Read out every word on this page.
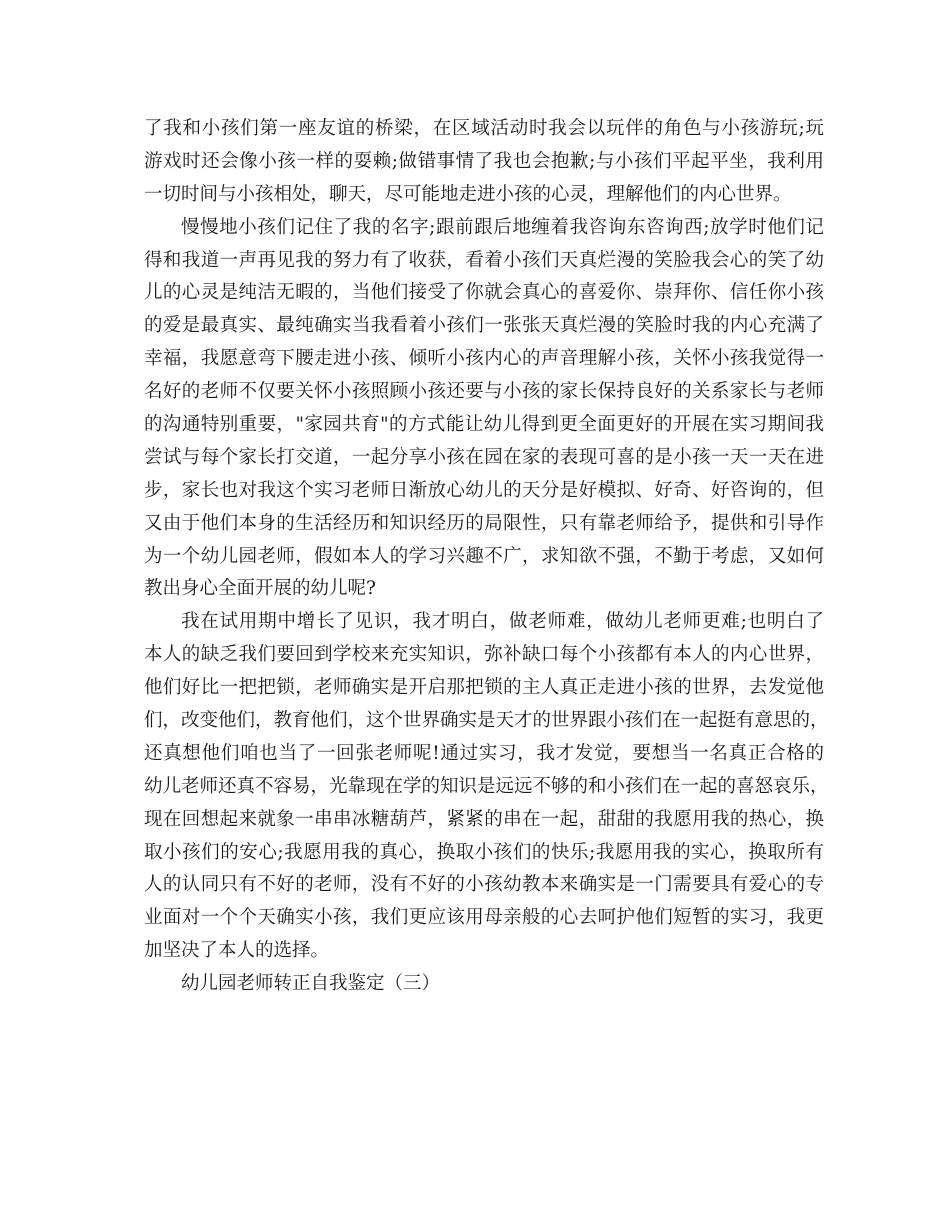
了我和小孩们第一座友谊的桥梁，在区域活动时我会以玩伴的角色与小孩游玩;玩
游戏时还会像小孩一样的耍赖;做错事情了我也会抱歉;与小孩们平起平坐，我利用
一切时间与小孩相处，聊天，尽可能地走进小孩的心灵，理解他们的内心世界。
慢慢地小孩们记住了我的名字;跟前跟后地缠着我咨询东咨询西;放学时他们记
得和我道一声再见我的努力有了收获，看着小孩们天真烂漫的笑脸我会心的笑了幼
儿的心灵是纯洁无暇的，当他们接受了你就会真心的喜爱你、崇拜你、信任你小孩
的爱是最真实、最纯确实当我看着小孩们一张张天真烂漫的笑脸时我的内心充满了
幸福，我愿意弯下腰走进小孩、倾听小孩内心的声音理解小孩，关怀小孩我觉得一
名好的老师不仅要关怀小孩照顾小孩还要与小孩的家长保持良好的关系家长与老师
的沟通特别重要，"家园共育"的方式能让幼儿得到更全面更好的开展在实习期间我
尝试与每个家长打交道，一起分享小孩在园在家的表现可喜的是小孩一天一天在进
步，家长也对我这个实习老师日渐放心幼儿的天分是好模拟、好奇、好咨询的，但
又由于他们本身的生活经历和知识经历的局限性，只有靠老师给予，提供和引导作
为一个幼儿园老师，假如本人的学习兴趣不广，求知欲不强，不勤于考虑，又如何
教出身心全面开展的幼儿呢?
我在试用期中增长了见识，我才明白，做老师难，做幼儿老师更难;也明白了
本人的缺乏我们要回到学校来充实知识，弥补缺口每个小孩都有本人的内心世界，
他们好比一把把锁，老师确实是开启那把锁的主人真正走进小孩的世界，去发觉他
们，改变他们，教育他们，这个世界确实是天才的世界跟小孩们在一起挺有意思的，
还真想他们咱也当了一回张老师呢!通过实习，我才发觉，要想当一名真正合格的
幼儿老师还真不容易，光靠现在学的知识是远远不够的和小孩们在一起的喜怒哀乐，
现在回想起来就象一串串冰糖葫芦，紧紧的串在一起，甜甜的我愿用我的热心，换
取小孩们的安心;我愿用我的真心，换取小孩们的快乐;我愿用我的实心，换取所有
人的认同只有不好的老师，没有不好的小孩幼教本来确实是一门需要具有爱心的专
业面对一个个天确实小孩，我们更应该用母亲般的心去呵护他们短暂的实习，我更
加坚决了本人的选择。
幼儿园老师转正自我鉴定（三）
